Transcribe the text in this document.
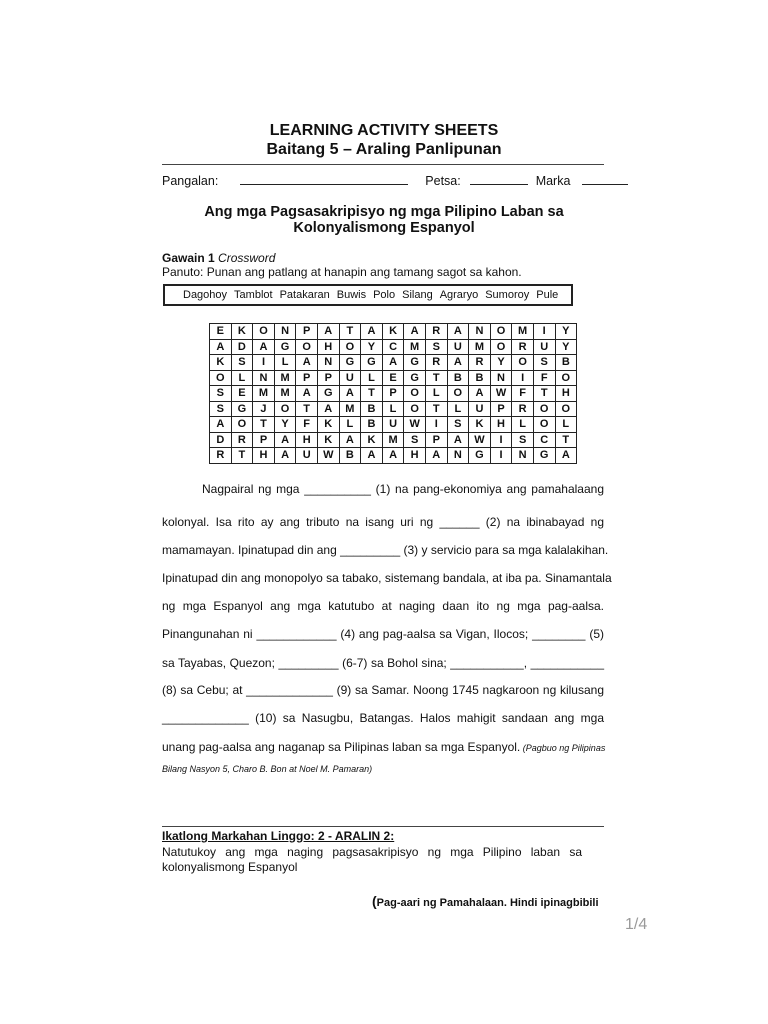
LEARNING ACTIVITY SHEETS
Baitang 5 – Araling Panlipunan
Pangalan:	Petsa:	Marka
Ang mga Pagsasakripisyo ng mga Pilipino Laban sa
Kolonyalismong Espanyol
Gawain 1 Crossword
Panuto: Punan ang patlang at hanapin ang tamang sagot sa kahon.
Dagohoy Tamblot Patakaran Buwis Polo Silang Agraryo Sumoroy Pule
E	K	O	N	P	A	T	A	K	A	R	A	N	O	M	I	Y
A	D	A	G	O	H	O	Y	C	M	S	U	M	O	R	U	Y
K	S	I	L	A	N	G	G	A	G	R	A	R	Y	O	S	B
O	L	N	M	P	P	U	L	E	G	T	B	B	N	I	F	O
S	E	M	M	A	G	A	T	P	O	L	O	A	W	F	T	H
S	G	J	O	T	A	M	B	L	O	T	L	U	P	R	O	O
A	O	T	Y	F	K	L	B	U	W	I	S	K	H	L	O	L
D	R	P	A	H	K	A	K	M	S	P	A	W	I	S	C	T
R	T	H	A	U	W	B	A	A	H	A	N	G	I	N	G	A
Nagpairal ng mga __________ (1) na pang-ekonomiya ang pamahalaang
kolonyal. Isa rito ay ang tributo na isang uri ng ______ (2) na ibinabayad ng
mamamayan. Ipinatupad din ang _________ (3) y servicio para sa mga kalalakihan.
Ipinatupad din ang monopolyo sa tabako, sistemang bandala, at iba pa. Sinamantala
ng mga Espanyol ang mga katutubo at naging daan ito ng mga pag-aalsa.
Pinangunahan ni ____________ (4) ang pag-aalsa sa Vigan, Ilocos; ________ (5)
sa Tayabas, Quezon; _________ (6-7) sa Bohol sina; ___________, ___________
(8) sa Cebu; at _____________ (9) sa Samar. Noong 1745 nagkaroon ng kilusang
_____________ (10) sa Nasugbu, Batangas. Halos mahigit sandaan ang mga
unang pag-aalsa ang naganap sa Pilipinas laban sa mga Espanyol. (Pagbuo ng Pilipinas
Bilang Nasyon 5, Charo B. Bon at Noel M. Pamaran)
Ikatlong Markahan Linggo: 2 - ARALIN 2:
Natutukoy ang mga naging pagsasakripisyo ng mga Pilipino laban sa kolonyalismong Espanyol
(Pag-aari ng Pamahalaan. Hindi ipinagbibili
1/4
